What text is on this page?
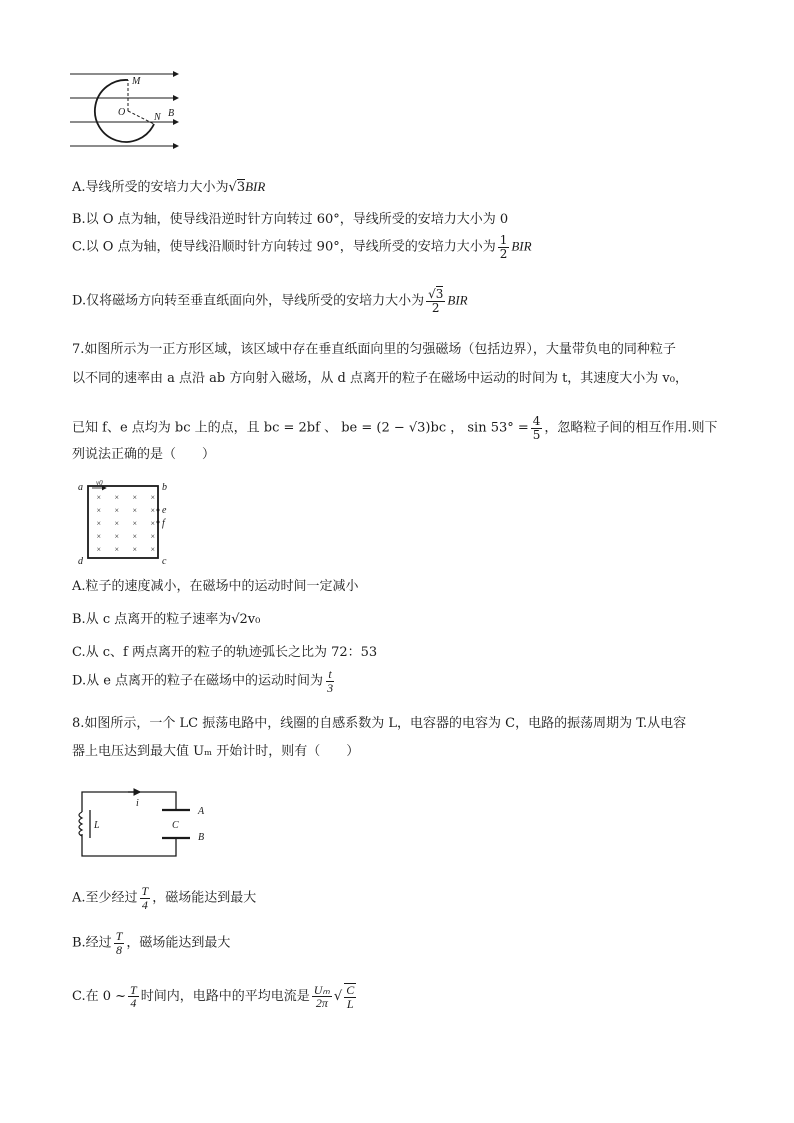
M
O	N B
A.导线所受的安培力大小为√3BIR
B.以 O 点为轴，使导线沿逆时针方向转过 60°，导线所受的安培力大小为 0
C.以 O 点为轴，使导线沿顺时针方向转过 90°，导线所受的安培力大小为 $\frac{1}{2}$ BIR
D.仅将磁场方向转至垂直纸面向外，导线所受的安培力大小为 $\frac{√3}{2}$ BIR
7.如图所示为一正方形区域，该区域中存在垂直纸面向里的匀强磁场（包括边界），大量带负电的同种粒子
以不同的速率由 a 点沿 ab 方向射入磁场，从 d 点离开的粒子在磁场中运动的时间为 t，其速度大小为 v₀，
已知 f、e 点均为 bc 上的点，且 bc = 2bf 、 be = (2 − √3)bc ， $\sin 53^\circ = \frac{4}{5}$ ，忽略粒子间的相互作用.则下
列说法正确的是（　　）
v0
× × × ×
× × × ×
× × × ×
× × × ×
× × × ×
a	b
c
d
e
f
A.粒子的速度减小，在磁场中的运动时间一定减小
B.从 c 点离开的粒子速率为√2v₀
C.从 c、f 两点离开的粒子的轨迹弧长之比为 72：53
D.从 e 点离开的粒子在磁场中的运动时间为 $\frac{t}{3}$
8.如图所示，一个 LC 振荡电路中，线圈的自感系数为 L，电容器的电容为 C，电路的振荡周期为 T.从电容
器上电压达到最大值 Uₘ 开始计时，则有（　　）
i
L	C
A
B
A.至少经过 $\frac{T}{4}$ ，磁场能达到最大
B.经过 $\frac{T}{8}$ ，磁场能达到最大
C.在 0 ~ $\frac{T}{4}$ 时间内，电路中的平均电流是 $\frac{\text{Uₘ}}{2\pi}$ √ $\frac{C}{L}$
